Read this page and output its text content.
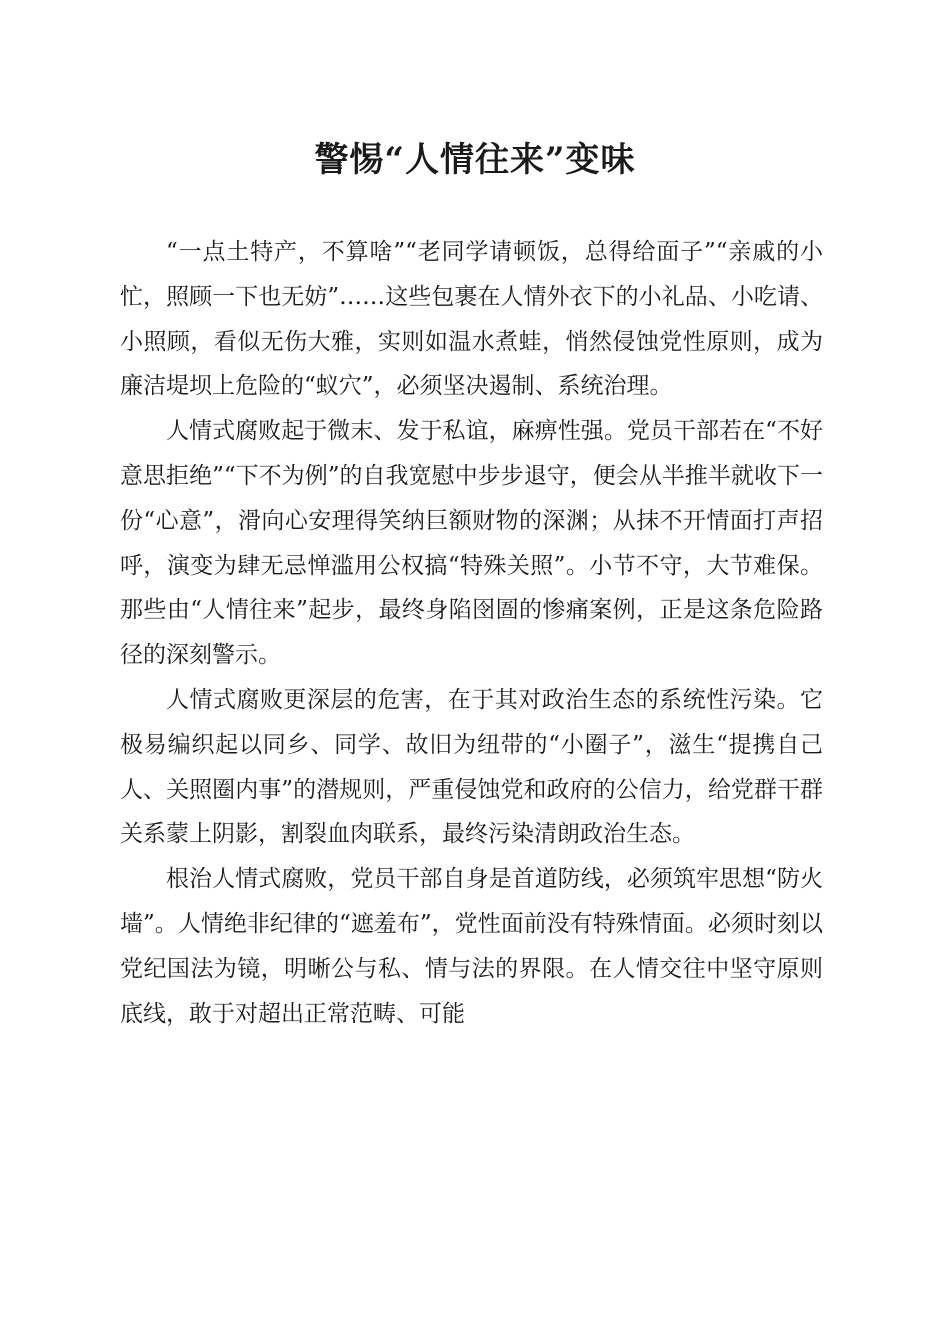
警惕“人情往来”变味

“一点土特产，不算啥”“老同学请顿饭，总得给面子”“亲戚的小忙，照顾一下也无妨”……这些包裹在人情外衣下的小礼品、小吃请、小照顾，看似无伤大雅，实则如温水煮蛙，悄然侵蚀党性原则，成为廉洁堤坝上危险的“蚁穴”，必须坚决遏制、系统治理。

人情式腐败起于微末、发于私谊，麻痹性强。党员干部若在“不好意思拒绝”“下不为例”的自我宽慰中步步退守，便会从半推半就收下一份“心意”，滑向心安理得笑纳巨额财物的深渊；从抹不开情面打声招呼，演变为肆无忌惮滥用公权搞“特殊关照”。小节不守，大节难保。那些由“人情往来”起步，最终身陷囹圄的惨痛案例，正是这条危险路径的深刻警示。

人情式腐败更深层的危害，在于其对政治生态的系统性污染。它极易编织起以同乡、同学、故旧为纽带的“小圈子”，滋生“提携自己人、关照圈内事”的潜规则，严重侵蚀党和政府的公信力，给党群干群关系蒙上阴影，割裂血肉联系，最终污染清朗政治生态。

根治人情式腐败，党员干部自身是首道防线，必须筑牢思想“防火墙”。人情绝非纪律的“遮羞布”，党性面前没有特殊情面。必须时刻以党纪国法为镜，明晰公与私、情与法的界限。在人情交往中坚守原则底线，敢于对超出正常范畴、可能
